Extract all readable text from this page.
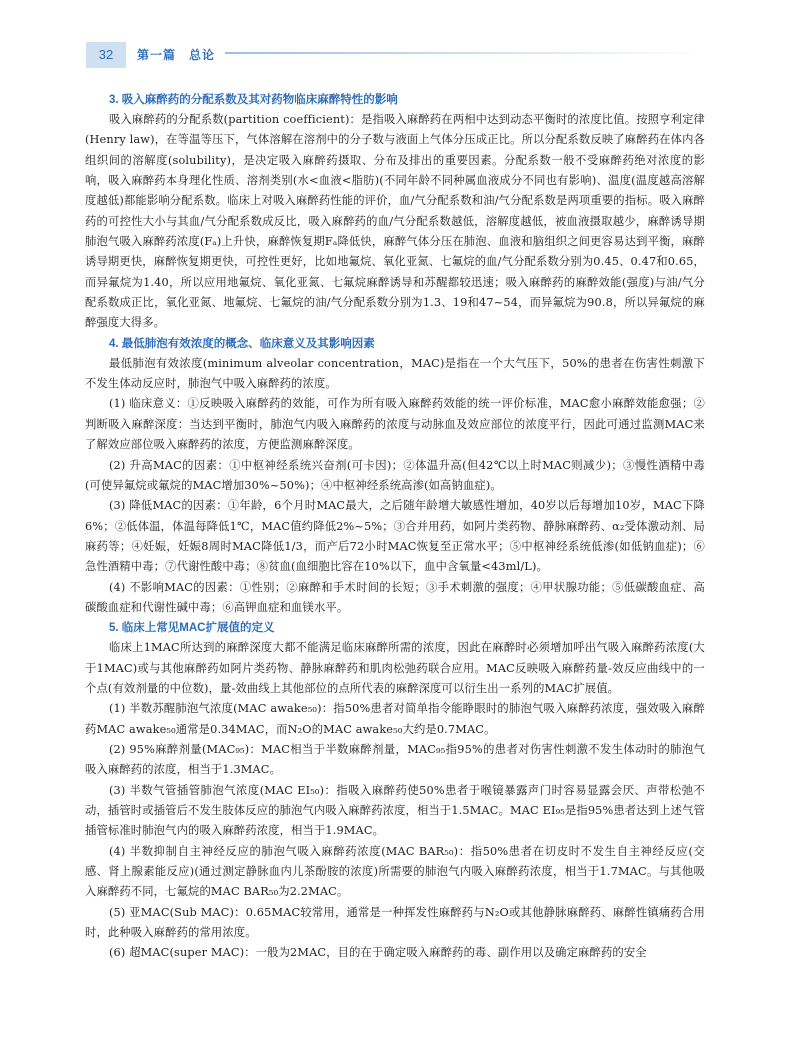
32	第一篇　总论

3. 吸入麻醉药的分配系数及其对药物临床麻醉特性的影响

吸入麻醉药的分配系数(partition coefficient)：是指吸入麻醉药在两相中达到动态平衡时的浓度比值。按照亨利定律(Henry law)，在等温等压下，气体溶解在溶剂中的分子数与液面上气体分压成正比。所以分配系数反映了麻醉药在体内各组织间的溶解度(solubility)，是决定吸入麻醉药摄取、分布及排出的重要因素。分配系数一般不受麻醉药绝对浓度的影响，吸入麻醉药本身理化性质、溶剂类别(水<血液<脂肪)(不同年龄不同种属血液成分不同也有影响)、温度(温度越高溶解度越低)都能影响分配系数。临床上对吸入麻醉药性能的评价，血/气分配系数和油/气分配系数是两项重要的指标。吸入麻醉药的可控性大小与其血/气分配系数成反比，吸入麻醉药的血/气分配系数越低，溶解度越低，被血液摄取越少，麻醉诱导期肺泡气吸入麻醉药浓度(Fₐ)上升快，麻醉恢复期Fₐ降低快，麻醉气体分压在肺泡、血液和脑组织之间更容易达到平衡，麻醉诱导期更快，麻醉恢复期更快，可控性更好，比如地氟烷、氧化亚氮、七氟烷的血/气分配系数分别为0.45、0.47和0.65，而异氟烷为1.40，所以应用地氟烷、氧化亚氮、七氟烷麻醉诱导和苏醒都较迅速；吸入麻醉药的麻醉效能(强度)与油/气分配系数成正比，氧化亚氮、地氟烷、七氟烷的油/气分配系数分别为1.3、19和47~54，而异氟烷为90.8，所以异氟烷的麻醉强度大得多。

4. 最低肺泡有效浓度的概念、临床意义及其影响因素

最低肺泡有效浓度(minimum alveolar concentration，MAC)是指在一个大气压下，50%的患者在伤害性刺激下不发生体动反应时，肺泡气中吸入麻醉药的浓度。

(1) 临床意义：①反映吸入麻醉药的效能，可作为所有吸入麻醉药效能的统一评价标准，MAC愈小麻醉效能愈强；②判断吸入麻醉深度：当达到平衡时，肺泡气内吸入麻醉药的浓度与动脉血及效应部位的浓度平行，因此可通过监测MAC来了解效应部位吸入麻醉药的浓度，方便监测麻醉深度。

(2) 升高MAC的因素：①中枢神经系统兴奋剂(可卡因)；②体温升高(但42℃以上时MAC则减少)；③慢性酒精中毒(可使异氟烷或氟烷的MAC增加30%~50%)；④中枢神经系统高渗(如高钠血症)。

(3) 降低MAC的因素：①年龄，6个月时MAC最大，之后随年龄增大敏感性增加，40岁以后每增加10岁，MAC下降6%；②低体温，体温每降低1℃，MAC值约降低2%~5%；③合并用药，如阿片类药物、静脉麻醉药、α₂受体激动剂、局麻药等；④妊娠，妊娠8周时MAC降低1/3，而产后72小时MAC恢复至正常水平；⑤中枢神经系统低渗(如低钠血症)；⑥急性酒精中毒；⑦代谢性酸中毒；⑧贫血(血细胞比容在10%以下，血中含氧量<43ml/L)。

(4) 不影响MAC的因素：①性别；②麻醉和手术时间的长短；③手术刺激的强度；④甲状腺功能；⑤低碳酸血症、高碳酸血症和代谢性碱中毒；⑥高钾血症和血镁水平。

5. 临床上常见MAC扩展值的定义

临床上1MAC所达到的麻醉深度大都不能满足临床麻醉所需的浓度，因此在麻醉时必须增加呼出气吸入麻醉药浓度(大于1MAC)或与其他麻醉药如阿片类药物、静脉麻醉药和肌肉松弛药联合应用。MAC反映吸入麻醉药量-效反应曲线中的一个点(有效剂量的中位数)，量-效曲线上其他部位的点所代表的麻醉深度可以衍生出一系列的MAC扩展值。

(1) 半数苏醒肺泡气浓度(MAC awake₅₀)：指50%患者对简单指令能睁眼时的肺泡气吸入麻醉药浓度，强效吸入麻醉药MAC awake₅₀通常是0.34MAC，而N₂O的MAC awake₅₀大约是0.7MAC。

(2) 95%麻醉剂量(MAC₉₅)：MAC相当于半数麻醉剂量，MAC₉₅指95%的患者对伤害性刺激不发生体动时的肺泡气吸入麻醉药的浓度，相当于1.3MAC。

(3) 半数气管插管肺泡气浓度(MAC EI₅₀)：指吸入麻醉药使50%患者于喉镜暴露声门时容易显露会厌、声带松弛不动，插管时或插管后不发生肢体反应的肺泡气内吸入麻醉药浓度，相当于1.5MAC。MAC EI₉₅是指95%患者达到上述气管插管标准时肺泡气内的吸入麻醉药浓度，相当于1.9MAC。

(4) 半数抑制自主神经反应的肺泡气吸入麻醉药浓度(MAC BAR₅₀)：指50%患者在切皮时不发生自主神经反应(交感、肾上腺素能反应)(通过测定静脉血内儿茶酚胺的浓度)所需要的肺泡气内吸入麻醉药浓度，相当于1.7MAC。与其他吸入麻醉药不同，七氟烷的MAC BAR₅₀为2.2MAC。

(5) 亚MAC(Sub MAC)：0.65MAC较常用，通常是一种挥发性麻醉药与N₂O或其他静脉麻醉药、麻醉性镇痛药合用时，此种吸入麻醉药的常用浓度。

(6) 超MAC(super MAC)：一般为2MAC，目的在于确定吸入麻醉药的毒、副作用以及确定麻醉药的安全
